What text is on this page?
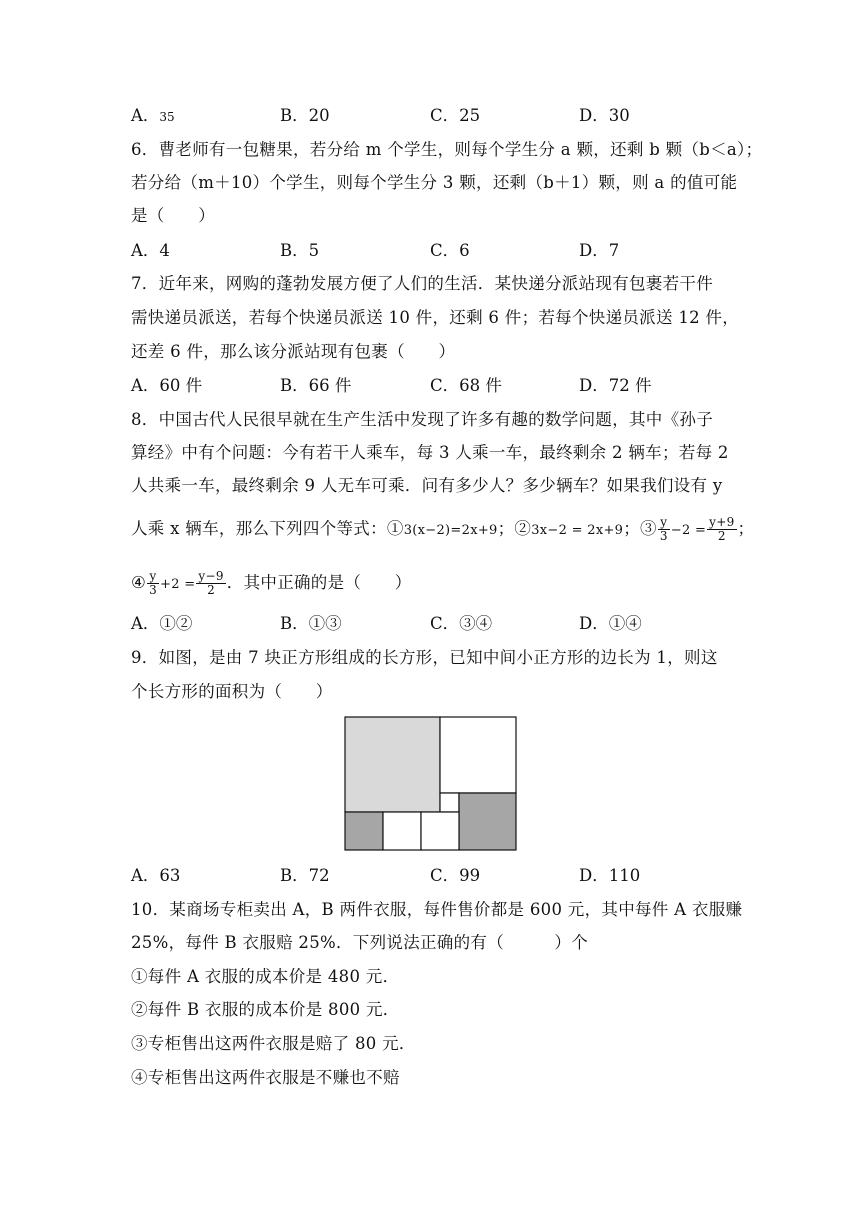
A．35	B．20	C．25	D．30
6．曹老师有一包糖果，若分给 m 个学生，则每个学生分 a 颗，还剩 b 颗（b＜a）；
若分给（m＋10）个学生，则每个学生分 3 颗，还剩（b＋1）颗，则 a 的值可能
是（　　）
A．4	B．5	C．6	D．7
7．近年来，网购的蓬勃发展方便了人们的生活．某快递分派站现有包裹若干件
需快递员派送，若每个快递员派送 10 件，还剩 6 件；若每个快递员派送 12 件，
还差 6 件，那么该分派站现有包裹（　　）
A．60 件	B．66 件	C．68 件	D．72 件
8．中国古代人民很早就在生产生活中发现了许多有趣的数学问题，其中《孙子
算经》中有个问题：今有若干人乘车，每 3 人乘一车，最终剩余 2 辆车；若每 2
人共乘一车，最终剩余 9 人无车可乘．问有多少人？多少辆车？如果我们设有 y
人乘 x 辆车，那么下列四个等式：①3(x−2)=2x+9；②3x−2 = 2x+9；③ $\frac{y}{3} -2 = \frac{y+9}{2}$ ；
④ $\frac{y}{3} +2 = \frac{y-9}{2}$ ．其中正确的是（　　）
A．①②	B．①③	C．③④	D．①④
9．如图，是由 7 块正方形组成的长方形，已知中间小正方形的边长为 1，则这
个长方形的面积为（　　）
A．63	B．72	C．99	D．110
10．某商场专柜卖出 A，B 两件衣服，每件售价都是 600 元，其中每件 A 衣服赚
25%，每件 B 衣服赔 25%．下列说法正确的有（　　　）个
①每件 A 衣服的成本价是 480 元．
②每件 B 衣服的成本价是 800 元．
③专柜售出这两件衣服是赔了 80 元．
④专柜售出这两件衣服是不赚也不赔
